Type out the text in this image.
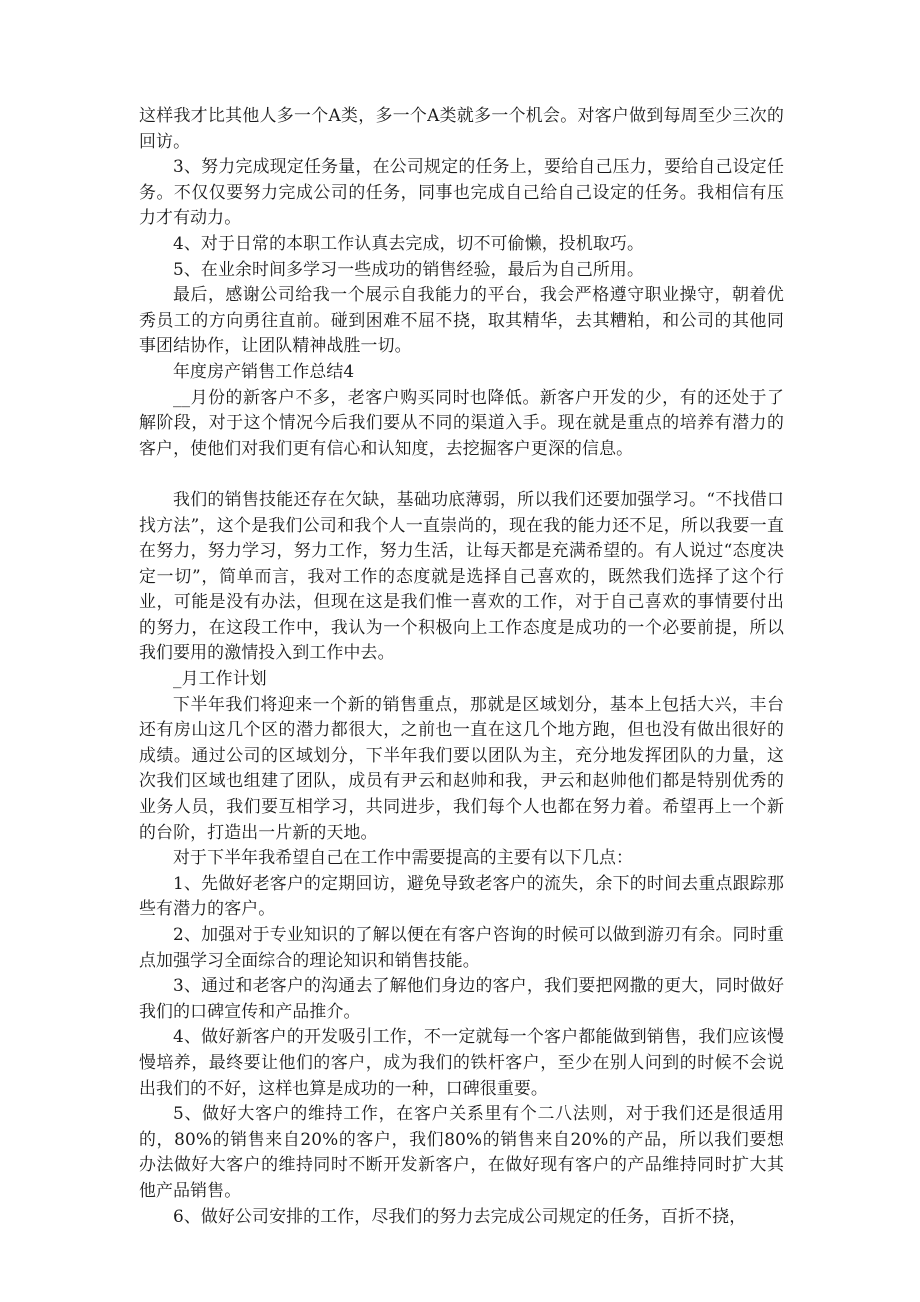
这样我才比其他人多一个A类，多一个A类就多一个机会。对客户做到每周至少三次的回访。

3、努力完成现定任务量，在公司规定的任务上，要给自己压力，要给自己设定任务。不仅仅要努力完成公司的任务，同事也完成自己给自己设定的任务。我相信有压力才有动力。

4、对于日常的本职工作认真去完成，切不可偷懒，投机取巧。

5、在业余时间多学习一些成功的销售经验，最后为自己所用。

最后，感谢公司给我一个展示自我能力的平台，我会严格遵守职业操守，朝着优秀员工的方向勇往直前。碰到困难不屈不挠，取其精华，去其糟粕，和公司的其他同事团结协作，让团队精神战胜一切。

年度房产销售工作总结4

__月份的新客户不多，老客户购买同时也降低。新客户开发的少，有的还处于了解阶段，对于这个情况今后我们要从不同的渠道入手。现在就是重点的培养有潜力的客户，使他们对我们更有信心和认知度，去挖掘客户更深的信息。

我们的销售技能还存在欠缺，基础功底薄弱，所以我们还要加强学习。“不找借口找方法”，这个是我们公司和我个人一直崇尚的，现在我的能力还不足，所以我要一直在努力，努力学习，努力工作，努力生活，让每天都是充满希望的。有人说过“态度决定一切”，简单而言，我对工作的态度就是选择自己喜欢的，既然我们选择了这个行业，可能是没有办法，但现在这是我们惟一喜欢的工作，对于自己喜欢的事情要付出的努力，在这段工作中，我认为一个积极向上工作态度是成功的一个必要前提，所以我们要用的激情投入到工作中去。

_月工作计划

下半年我们将迎来一个新的销售重点，那就是区域划分，基本上包括大兴，丰台还有房山这几个区的潜力都很大，之前也一直在这几个地方跑，但也没有做出很好的成绩。通过公司的区域划分，下半年我们要以团队为主，充分地发挥团队的力量，这次我们区域也组建了团队，成员有尹云和赵帅和我，尹云和赵帅他们都是特别优秀的业务人员，我们要互相学习，共同进步，我们每个人也都在努力着。希望再上一个新的台阶，打造出一片新的天地。

对于下半年我希望自己在工作中需要提高的主要有以下几点：

1、先做好老客户的定期回访，避免导致老客户的流失，余下的时间去重点跟踪那些有潜力的客户。

2、加强对于专业知识的了解以便在有客户咨询的时候可以做到游刃有余。同时重点加强学习全面综合的理论知识和销售技能。

3、通过和老客户的沟通去了解他们身边的客户，我们要把网撒的更大，同时做好我们的口碑宣传和产品推介。

4、做好新客户的开发吸引工作，不一定就每一个客户都能做到销售，我们应该慢慢培养，最终要让他们的客户，成为我们的铁杆客户，至少在别人问到的时候不会说出我们的不好，这样也算是成功的一种，口碑很重要。

5、做好大客户的维持工作，在客户关系里有个二八法则，对于我们还是很适用的，80%的销售来自20%的客户，我们80%的销售来自20%的产品，所以我们要想办法做好大客户的维持同时不断开发新客户，在做好现有客户的产品维持同时扩大其他产品销售。

6、做好公司安排的工作，尽我们的努力去完成公司规定的任务，百折不挠，
